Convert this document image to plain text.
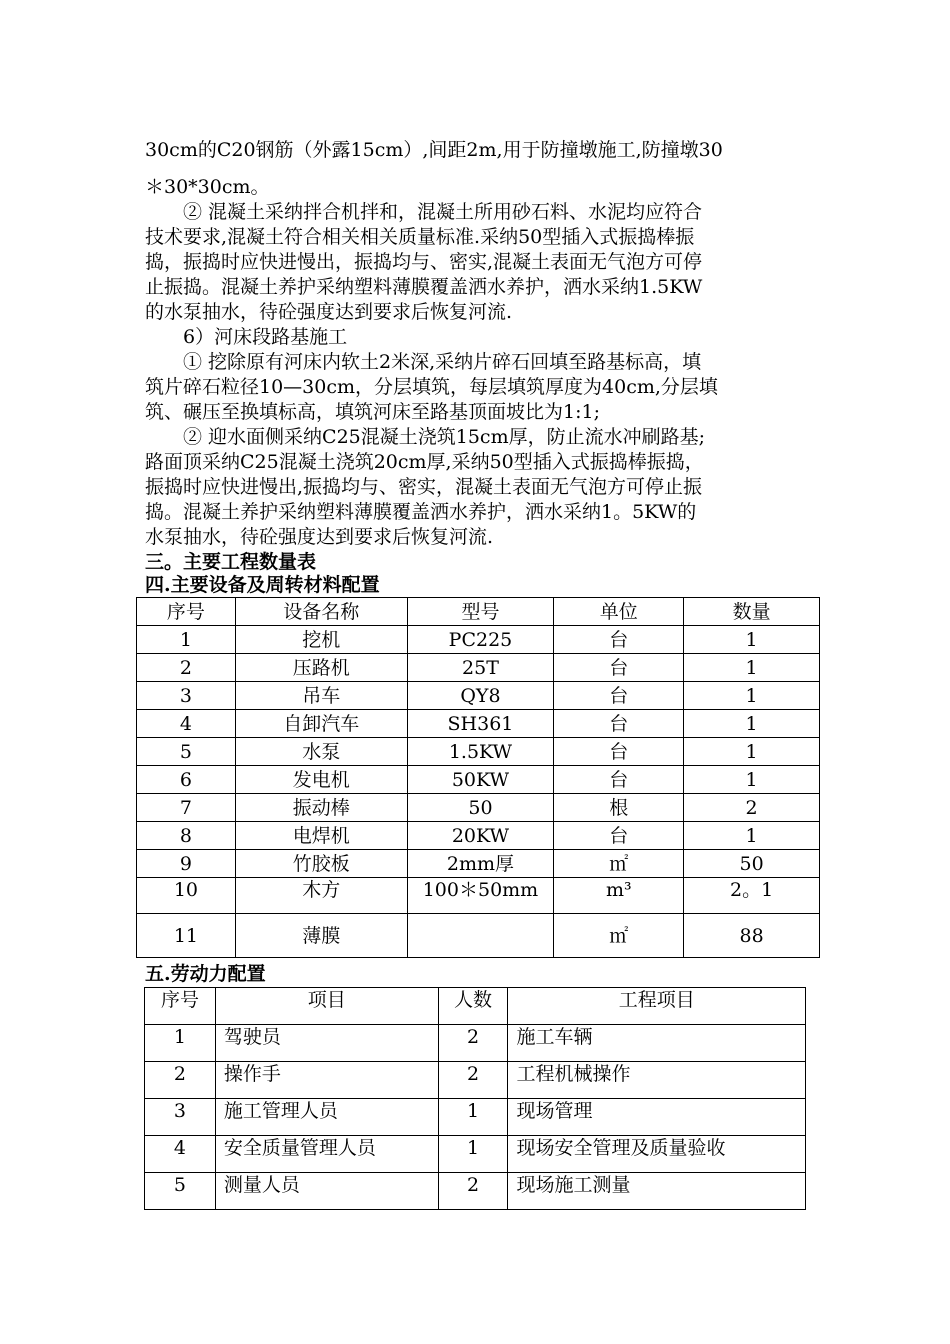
30cm的C20钢筋（外露15cm）,间距2m,用于防撞墩施工,防撞墩30
＊30*30cm。
　　② 混凝土采纳拌合机拌和，混凝土所用砂石料、水泥均应符合
技术要求,混凝土符合相关相关质量标准.采纳50型插入式振捣棒振
捣，振捣时应快进慢出，振捣均与、密实,混凝土表面无气泡方可停
止振捣。混凝土养护采纳塑料薄膜覆盖洒水养护，洒水采纳1.5KW
的水泵抽水，待砼强度达到要求后恢复河流.
　　6）河床段路基施工
　　① 挖除原有河床内软土2米深,采纳片碎石回填至路基标高，填
筑片碎石粒径10—30cm，分层填筑，每层填筑厚度为40cm,分层填
筑、碾压至换填标高，填筑河床至路基顶面坡比为1:1;
　　② 迎水面侧采纳C25混凝土浇筑15cm厚，防止流水冲刷路基;
路面顶采纳C25混凝土浇筑20cm厚,采纳50型插入式振捣棒振捣，
振捣时应快进慢出,振捣均与、密实，混凝土表面无气泡方可停止振
捣。混凝土养护采纳塑料薄膜覆盖洒水养护，洒水采纳1。5KW的
水泵抽水，待砼强度达到要求后恢复河流.
三。主要工程数量表
四.主要设备及周转材料配置
序号	设备名称	型号	单位	数量
1	挖机	PC225	台	1
2	压路机	25T	台	1
3	吊车	QY8	台	1
4	自卸汽车	SH361	台	1
5	水泵	1.5KW	台	1
6	发电机	50KW	台	1
7	振动棒	50	根	2
8	电焊机	20KW	台	1
9	竹胶板	2mm厚	㎡	50
10	木方	100＊50mm	m³	2。1
11	薄膜		㎡	88
五.劳动力配置
序号	项目	人数	工程项目
1	驾驶员	2	施工车辆
2	操作手	2	工程机械操作
3	施工管理人员	1	现场管理
4	安全质量管理人员	1	现场安全管理及质量验收
5	测量人员	2	现场施工测量
